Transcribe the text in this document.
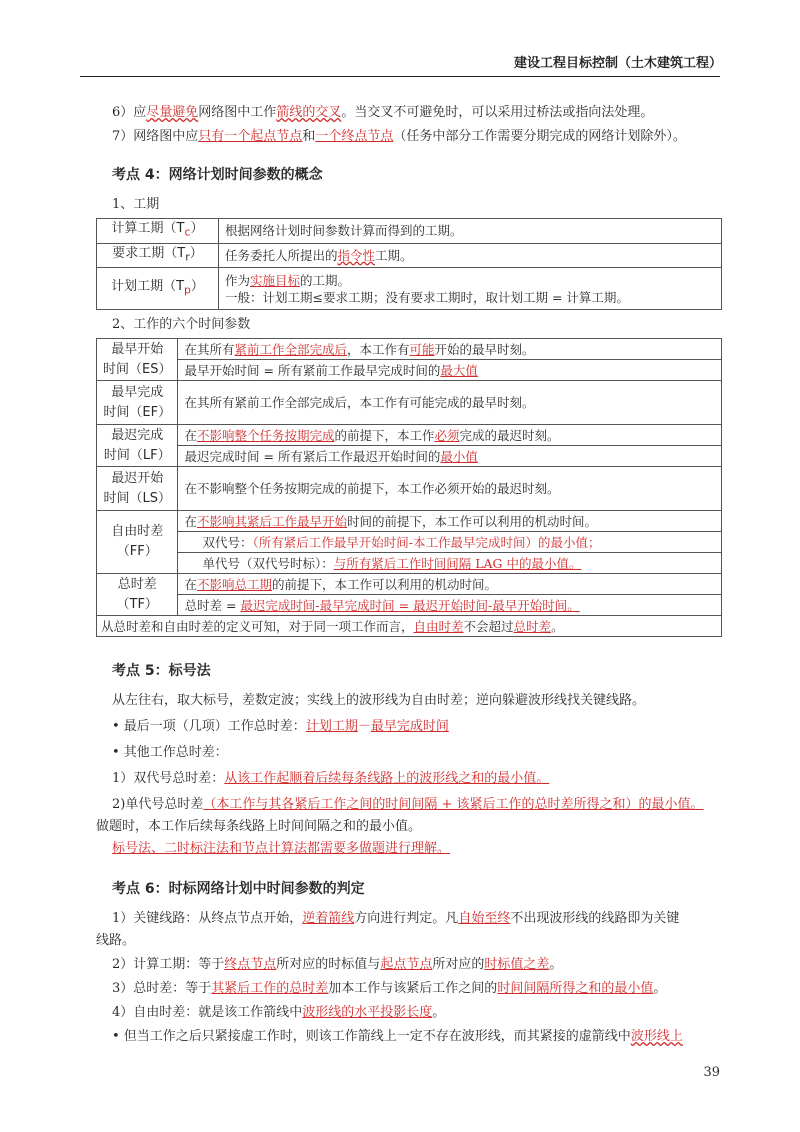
建设工程目标控制（土木建筑工程）
6）应尽量避免网络图中工作箭线的交叉。当交叉不可避免时，可以采用过桥法或指向法处理。
7）网络图中应只有一个起点节点和一个终点节点（任务中部分工作需要分期完成的网络计划除外）。
考点 4：网络计划时间参数的概念
1、工期
计算工期$(T_c)$	根据网络计划时间参数计算而得到的工期。
要求工期$(T_r)$	任务委托人所提出的指令性工期。
计划工期$(T_p)$	作为实施目标的工期。
一般：计划工期≤要求工期；没有要求工期时，取计划工期 = 计算工期。
2、工作的六个时间参数
最早开始
时间（ES）	在其所有紧前工作全部完成后，本工作有可能开始的最早时刻。
	最早开始时间 = 所有紧前工作最早完成时间的最大值

最早完成
时间（EF）	在其所有紧前工作全部完成后，本工作有可能完成的最早时刻。

最迟完成
时间（LF）	在不影响整个任务按期完成的前提下，本工作必须完成的最迟时刻。
	最迟完成时间 = 所有紧后工作最迟开始时间的最小值

最迟开始
时间（LS）	在不影响整个任务按期完成的前提下，本工作必须开始的最迟时刻。

自由时差
（FF）	在不影响其紧后工作最早开始时间的前提下，本工作可以利用的机动时间。
	双代号：（所有紧后工作最早开始时间-本工作最早完成时间）的最小值；
	单代号（双代号时标）：与所有紧后工作时间间隔 LAG 中的最小值。

总时差
（TF）	在不影响总工期的前提下，本工作可以利用的机动时间。
	总时差 = 最迟完成时间-最早完成时间 = 最迟开始时间-最早开始时间。
从总时差和自由时差的定义可知，对于同一项工作而言，自由时差不会超过总时差。	
考点 5：标号法
从左往右，取大标号，差数定波；实线上的波形线为自由时差；逆向躲避波形线找关键线路。
• 最后一项（几项）工作总时差：计划工期－最早完成时间
• 其他工作总时差：
1）双代号总时差：从该工作起顺着后续每条线路上的波形线之和的最小值。
2)单代号总时差（本工作与其各紧后工作之间的时间间隔 + 该紧后工作的总时差所得之和）的最小值。
做题时，本工作后续每条线路上时间间隔之和的最小值。
标号法、二时标注法和节点计算法都需要多做题进行理解。
考点 6：时标网络计划中时间参数的判定
1）关键线路：从终点节点开始，逆着箭线方向进行判定。凡自始至终不出现波形线的线路即为关键
线路。
2）计算工期：等于终点节点所对应的时标值与起点节点所对应的时标值之差。
3）总时差：等于其紧后工作的总时差加本工作与该紧后工作之间的时间间隔所得之和的最小值。
4）自由时差：就是该工作箭线中波形线的水平投影长度。
• 但当工作之后只紧接虚工作时，则该工作箭线上一定不存在波形线，而其紧接的虚箭线中波形线上
39
